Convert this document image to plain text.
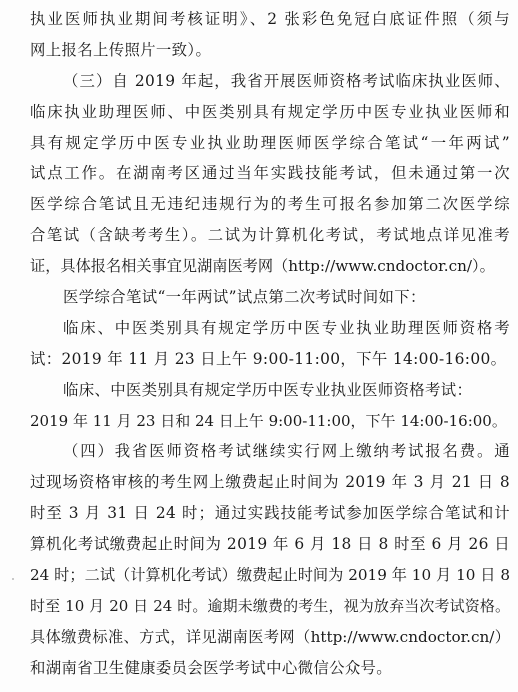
执业医师执业期间考核证明》、2 张彩色免冠白底证件照（须与
网上报名上传照片一致）。
（三）自 2019 年起，我省开展医师资格考试临床执业医师、
临床执业助理医师、中医类别具有规定学历中医专业执业医师和
具有规定学历中医专业执业助理医师医学综合笔试“一年两试”
试点工作。在湖南考区通过当年实践技能考试，但未通过第一次
医学综合笔试且无违纪违规行为的考生可报名参加第二次医学综
合笔试（含缺考考生）。二试为计算机化考试，考试地点详见准考
证，具体报名相关事宜见湖南医考网（http://www.cndoctor.cn/）。
医学综合笔试“一年两试”试点第二次考试时间如下：
临床、中医类别具有规定学历中医专业执业助理医师资格考
试：2019 年 11 月 23 日上午 9:00-11:00，下午 14:00-16:00。
临床、中医类别具有规定学历中医专业执业医师资格考试：
2019 年 11 月 23 日和 24 日上午 9:00-11:00，下午 14:00-16:00。
（四）我省医师资格考试继续实行网上缴纳考试报名费。通
过现场资格审核的考生网上缴费起止时间为 2019 年 3 月 21 日 8
时至 3 月 31 日 24 时；通过实践技能考试参加医学综合笔试和计
算机化考试缴费起止时间为 2019 年 6 月 18 日 8 时至 6 月 26 日
24 时；二试（计算机化考试）缴费起止时间为 2019 年 10 月 10 日 8
时至 10 月 20 日 24 时。逾期未缴费的考生，视为放弃当次考试资格。
具体缴费标准、方式，详见湖南医考网（http://www.cndoctor.cn/）
和湖南省卫生健康委员会医学考试中心微信公众号。
